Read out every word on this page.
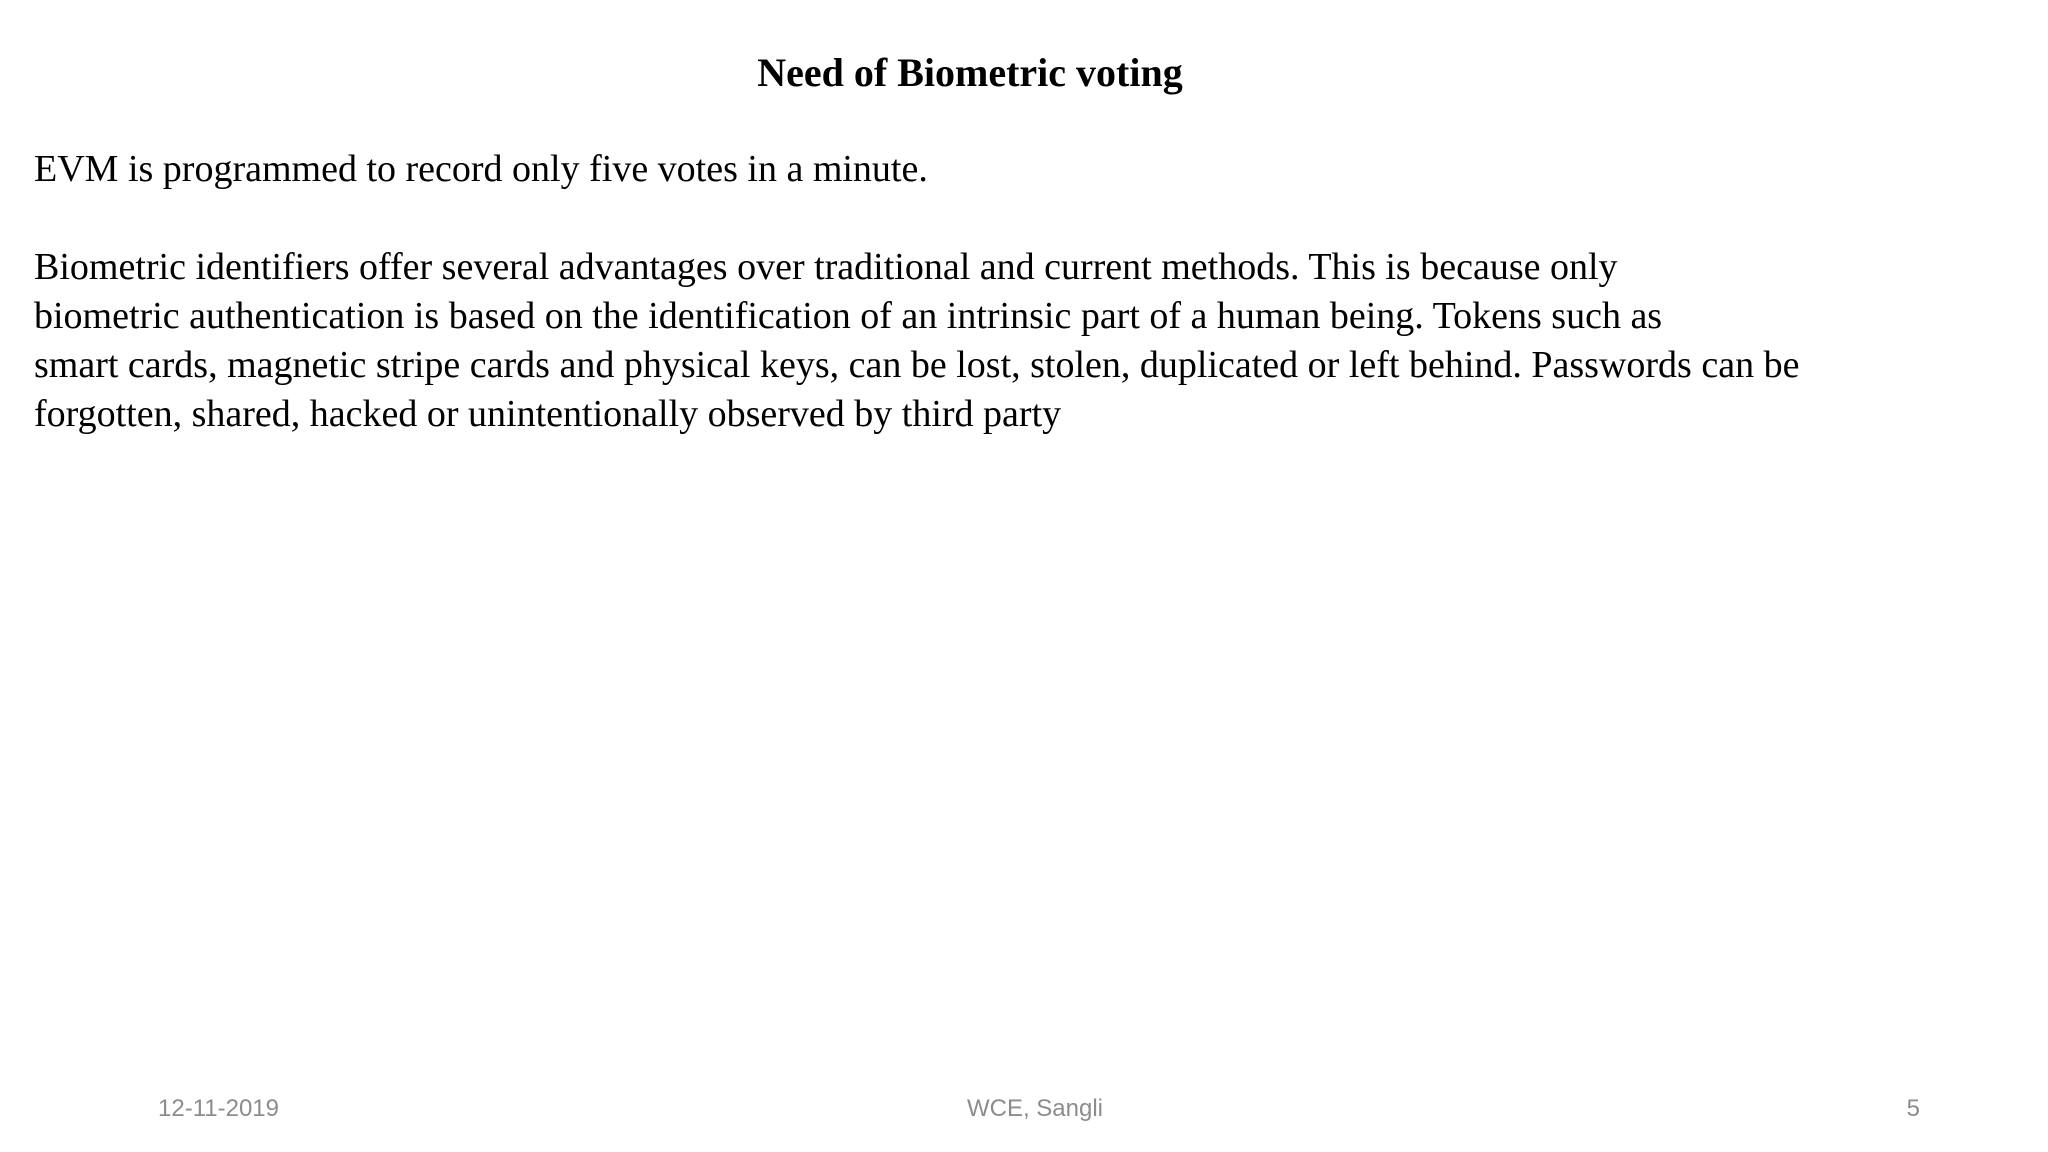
Need of Biometric voting

EVM is programmed to record only five votes in a minute.

Biometric identifiers offer several advantages over traditional and current methods. This is because only
biometric authentication is based on the identification of an intrinsic part of a human being. Tokens such as
smart cards, magnetic stripe cards and physical keys, can be lost, stolen, duplicated or left behind. Passwords can be
forgotten, shared, hacked or unintentionally observed by third party

12-11-2019	WCE, Sangli	5
